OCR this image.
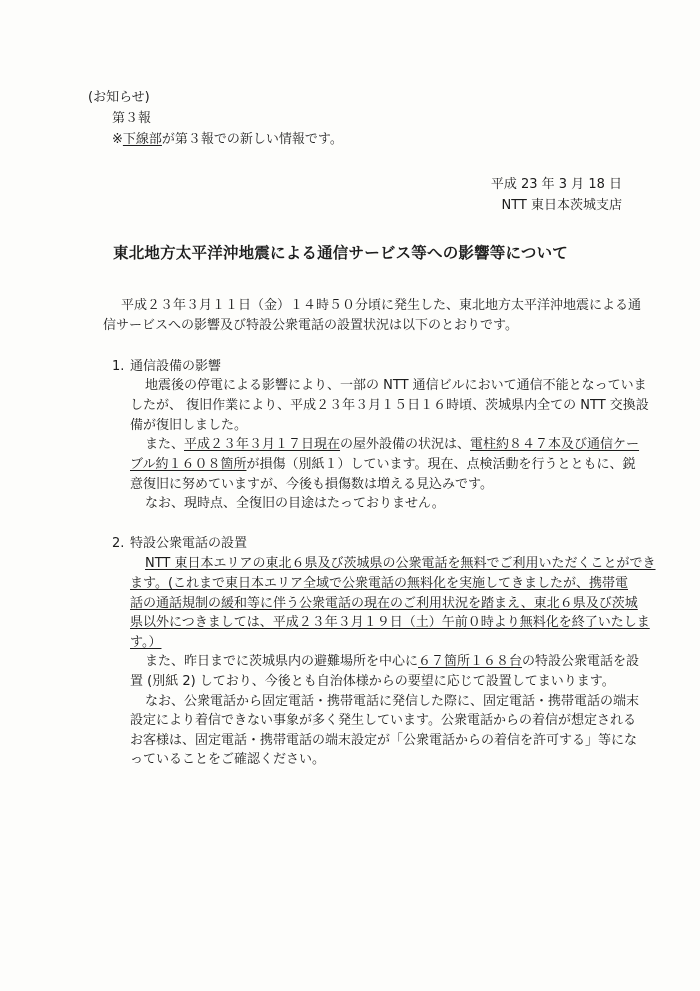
(お知らせ)

第３報

※下線部が第３報での新しい情報です。

平成 23 年 3 月 18 日

NTT 東日本茨城支店

東北地方太平洋沖地震による通信サービス等への影響等について

平成２３年３月１１日（金）１４時５０分頃に発生した、東北地方太平洋沖地震による通

信サービスへの影響及び特設公衆電話の設置状況は以下のとおりです。

1. 通信設備の影響

地震後の停電による影響により、一部の NTT 通信ビルにおいて通信不能となっていま

したが、 復旧作業により、平成２３年３月１５日１６時頃、茨城県内全ての NTT 交換設

備が復旧しました。

また、平成２３年３月１７日現在の屋外設備の状況は、電柱約８４７本及び通信ケー

ブル約１６０８箇所が損傷（別紙１）しています。現在、点検活動を行うとともに、鋭

意復旧に努めていますが、今後も損傷数は増える見込みです。

なお、現時点、全復旧の目途はたっておりません。

2. 特設公衆電話の設置

NTT 東日本エリアの東北６県及び茨城県の公衆電話を無料でご利用いただくことができ

ます。(これまで東日本エリア全域で公衆電話の無料化を実施してきましたが、携帯電

話の通話規制の緩和等に伴う公衆電話の現在のご利用状況を踏まえ、東北６県及び茨城

県以外につきましては、平成２３年３月１９日（土）午前０時より無料化を終了いたしま

す。）

また、昨日までに茨城県内の避難場所を中心に６７箇所１６８台の特設公衆電話を設

置 (別紙 2) しており、今後とも自治体様からの要望に応じて設置してまいります。

なお、公衆電話から固定電話・携帯電話に発信した際に、固定電話・携帯電話の端末

設定により着信できない事象が多く発生しています。公衆電話からの着信が想定される

お客様は、固定電話・携帯電話の端末設定が「公衆電話からの着信を許可する」等にな

っていることをご確認ください。
